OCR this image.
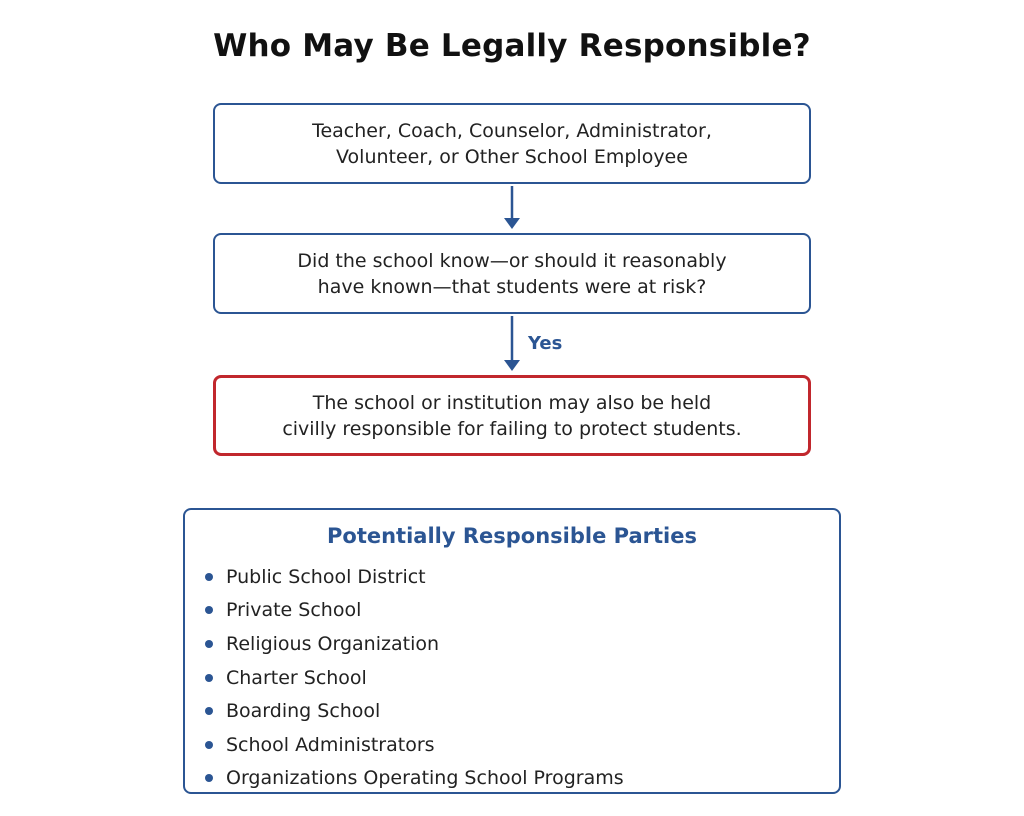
Who May Be Legally Responsible?
Teacher, Coach, Counselor, Administrator,
Volunteer, or Other School Employee
Did the school know—or should it reasonably
have known—that students were at risk?
Yes
The school or institution may also be held
civilly responsible for failing to protect students.
Potentially Responsible Parties
Public School District
Private School
Religious Organization
Charter School
Boarding School
School Administrators
Organizations Operating School Programs
